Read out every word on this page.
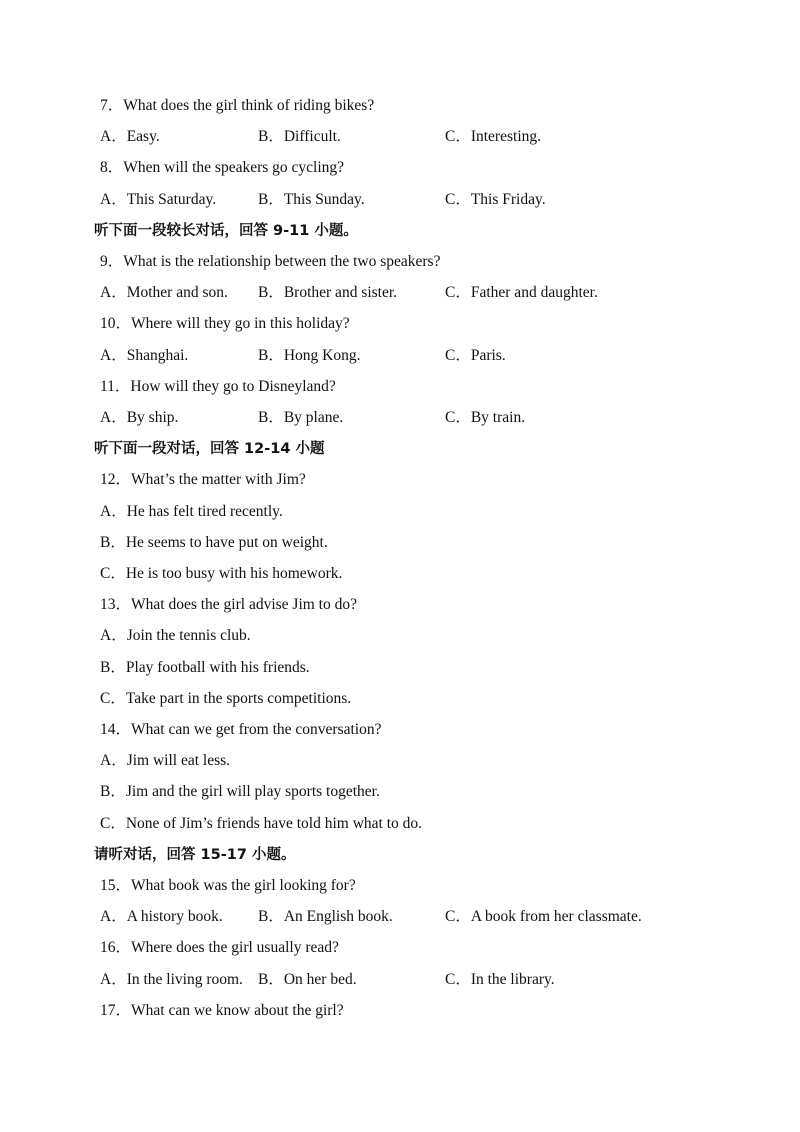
7．What does the girl think of riding bikes?
A．Easy.	B．Difficult.	C．Interesting.
8．When will the speakers go cycling?
A．This Saturday.	B．This Sunday.	C．This Friday.
听下面一段较长对话，回答 9-11 小题。
9．What is the relationship between the two speakers?
A．Mother and son. B．Brother and sister.	C．Father and daughter.
10．Where will they go in this holiday?
A．Shanghai.	B．Hong Kong.	C．Paris.
11．How will they go to Disneyland?
A．By ship.	B．By plane.	C．By train.
听下面一段对话，回答 12-14 小题
12．What’s the matter with Jim?
A．He has felt tired recently.
B．He seems to have put on weight.
C．He is too busy with his homework.
13．What does the girl advise Jim to do?
A．Join the tennis club.
B．Play football with his friends.
C．Take part in the sports competitions.
14．What can we get from the conversation?
A．Jim will eat less.
B．Jim and the girl will play sports together.
C．None of Jim’s friends have told him what to do.
请听对话，回答 15-17 小题。
15．What book was the girl looking for?
A．A history book. B．An English book.	C．A book from her classmate.
16．Where does the girl usually read?
A．In the living room. B．On her bed.	C．In the library.
17．What can we know about the girl?
